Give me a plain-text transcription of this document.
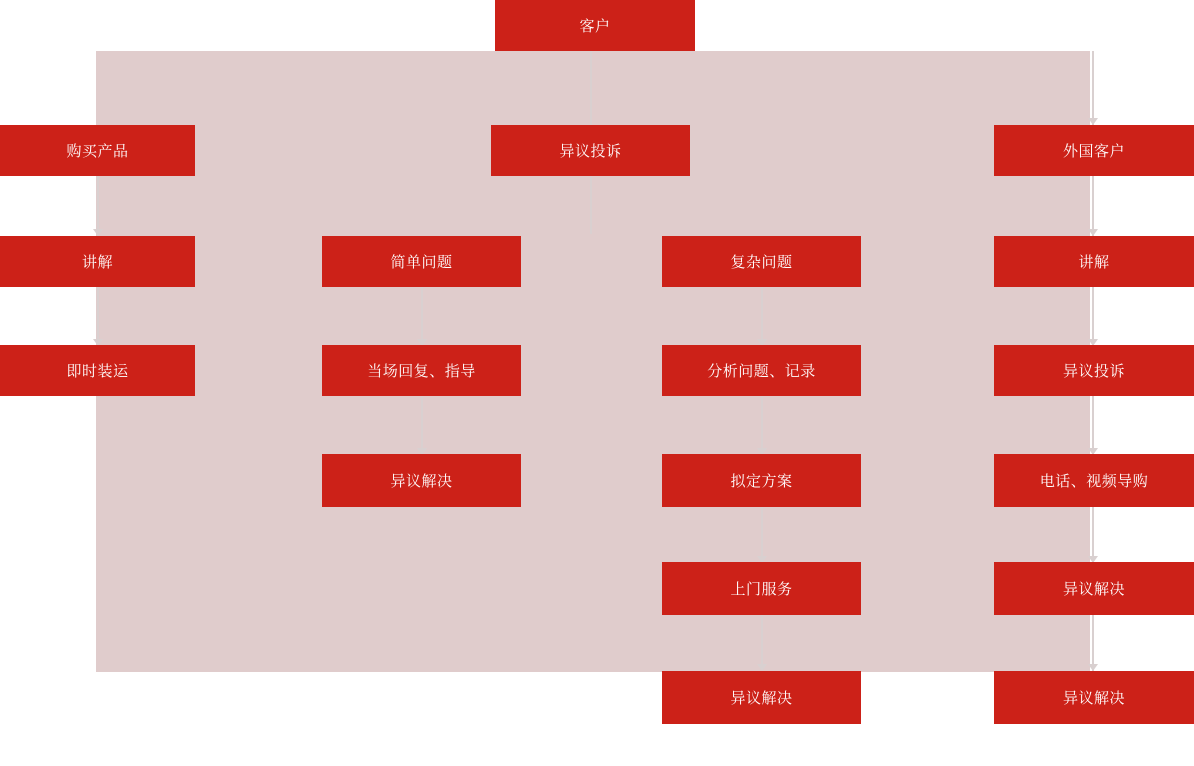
客户
购买产品
讲解
即时装运
异议投诉
简单问题
当场回复、指导
异议解决
复杂问题
分析问题、记录
拟定方案
上门服务
异议解决
外国客户
讲解
异议投诉
电话、视频导购
异议解决
异议解决
